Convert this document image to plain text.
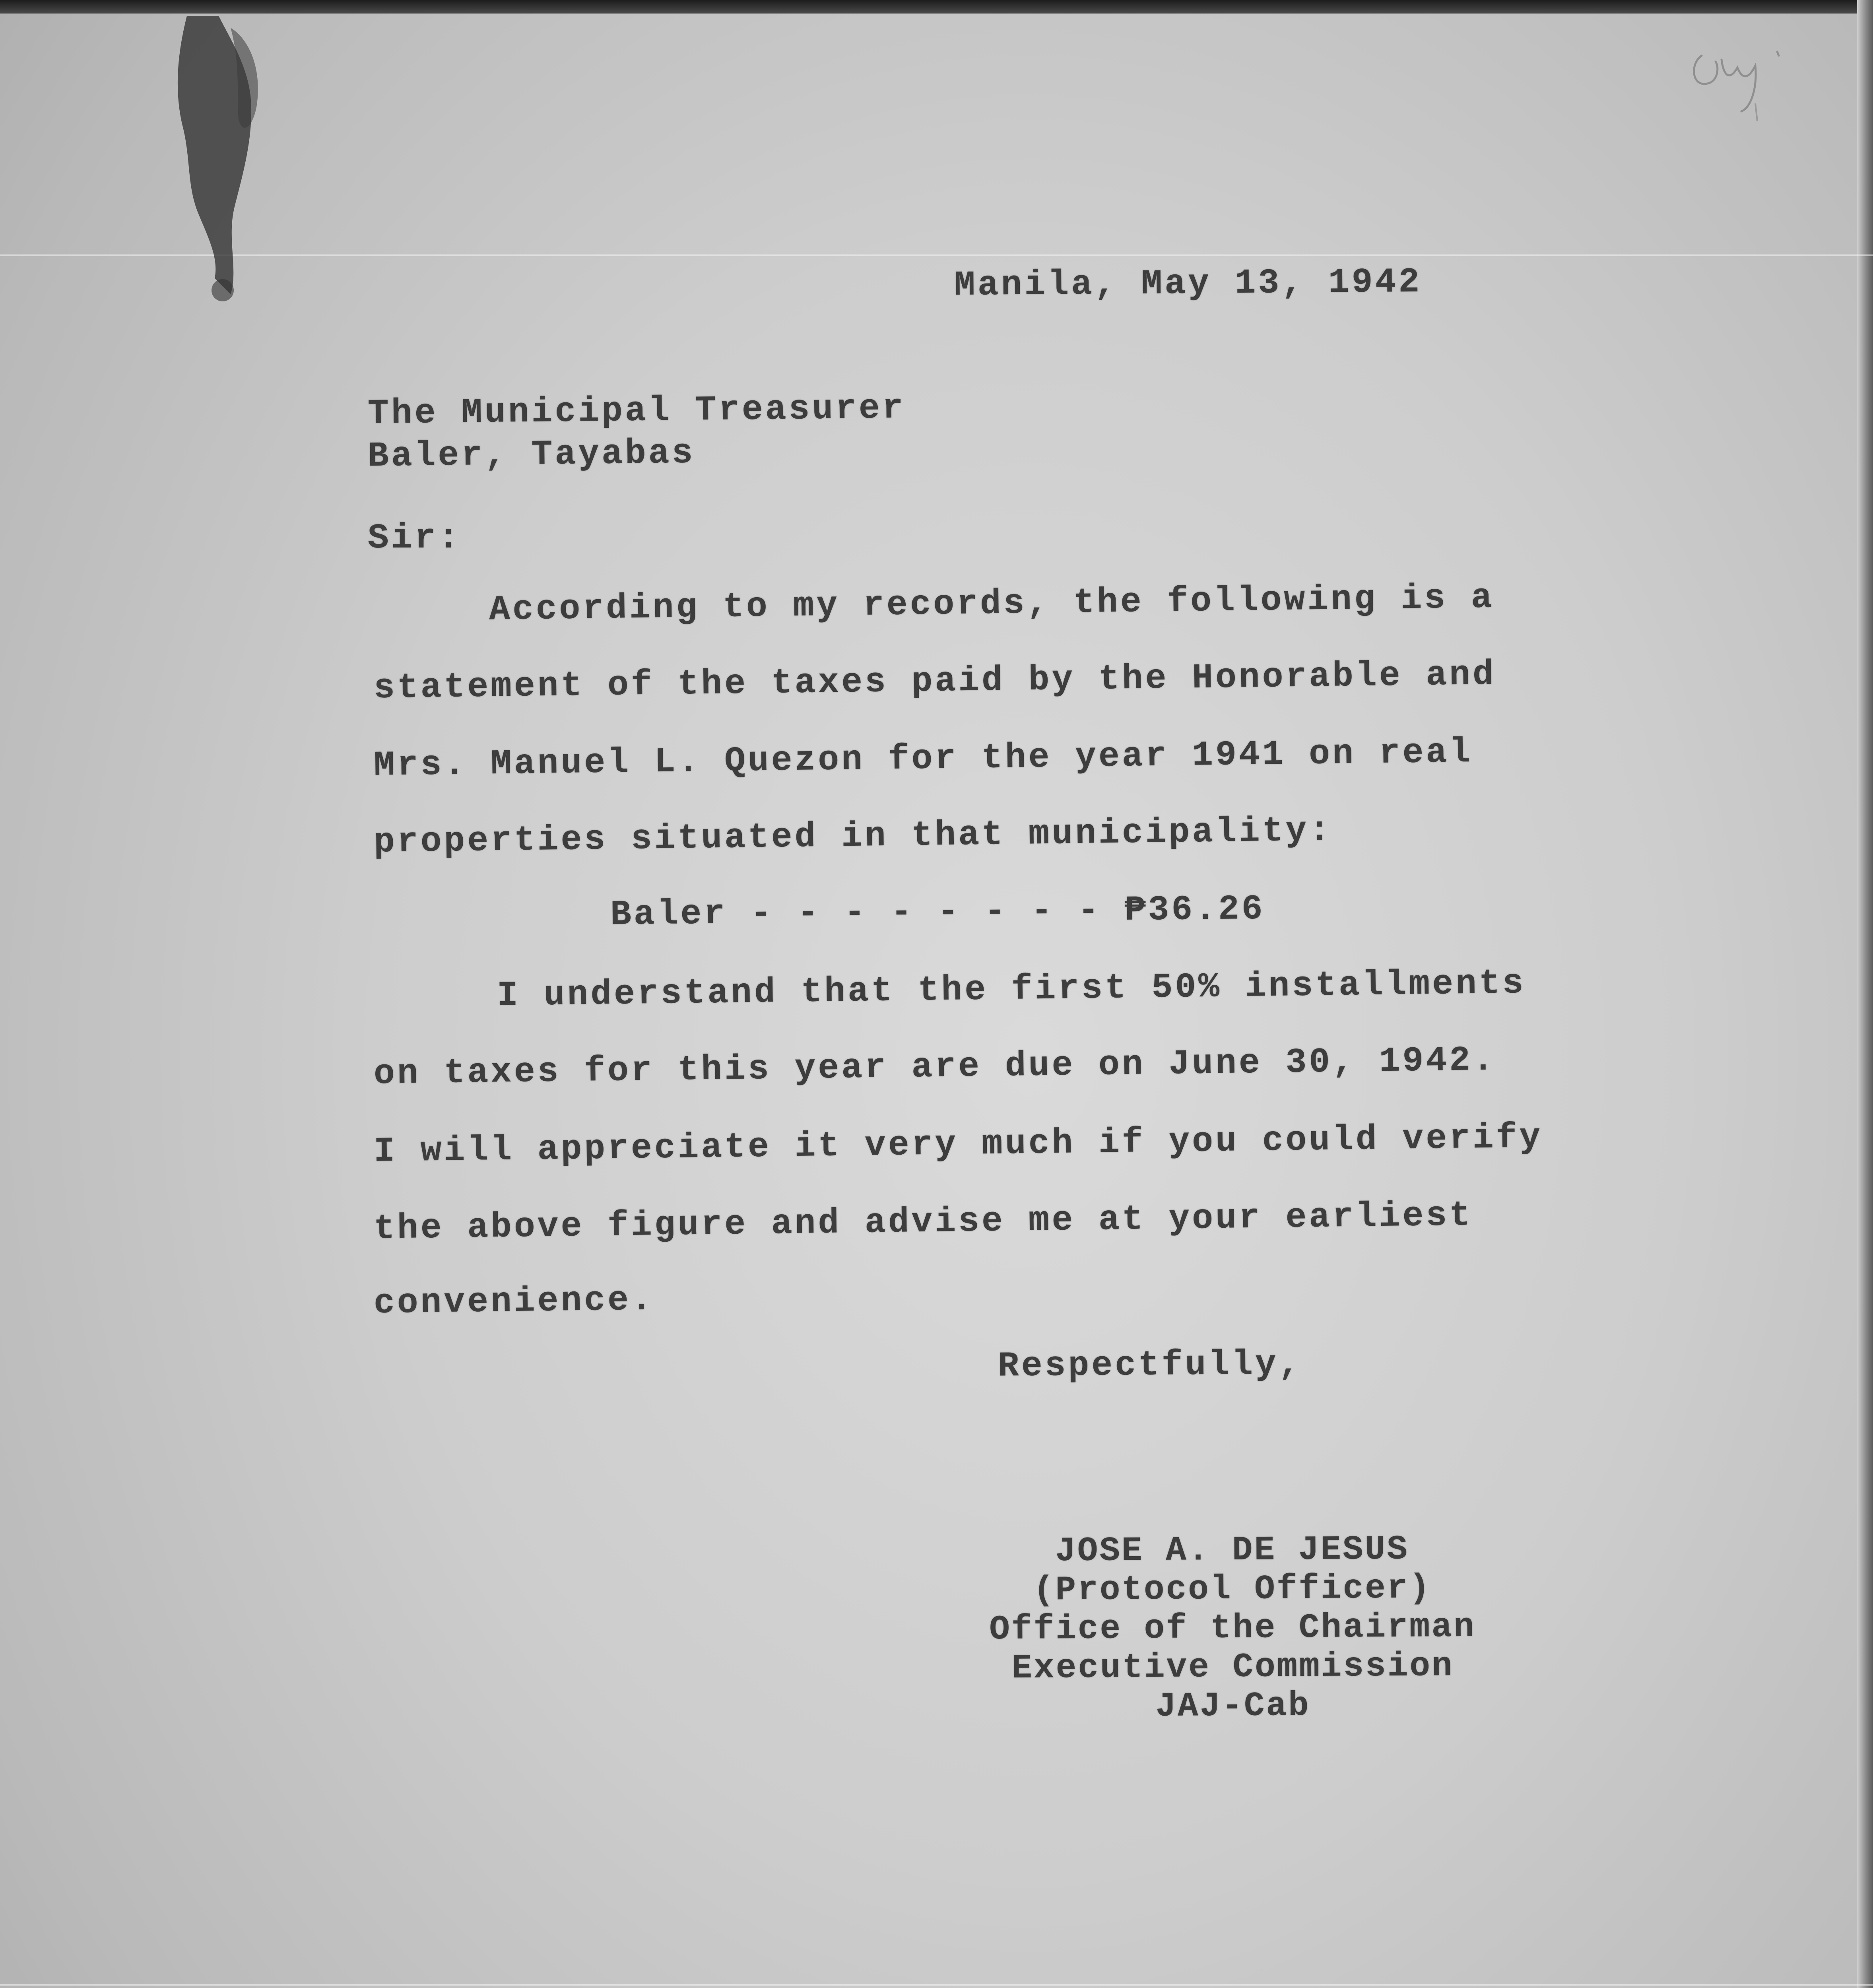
Manila, May 13, 1942

The Municipal Treasurer

Baler, Tayabas

Sir:

According to my records, the following is a

statement of the taxes paid by the Honorable and

Mrs. Manuel L. Quezon for the year 1941 on real

properties situated in that municipality:

Baler - - - - - - - - ₱36.26

I understand that the first 50% installments

on taxes for this year are due on June 30, 1942.

I will appreciate it very much if you could verify

the above figure and advise me at your earliest

convenience.

Respectfully,

JOSE A. DE JESUS
(Protocol Officer)
Office of the Chairman
Executive Commission
JAJ-Cab
